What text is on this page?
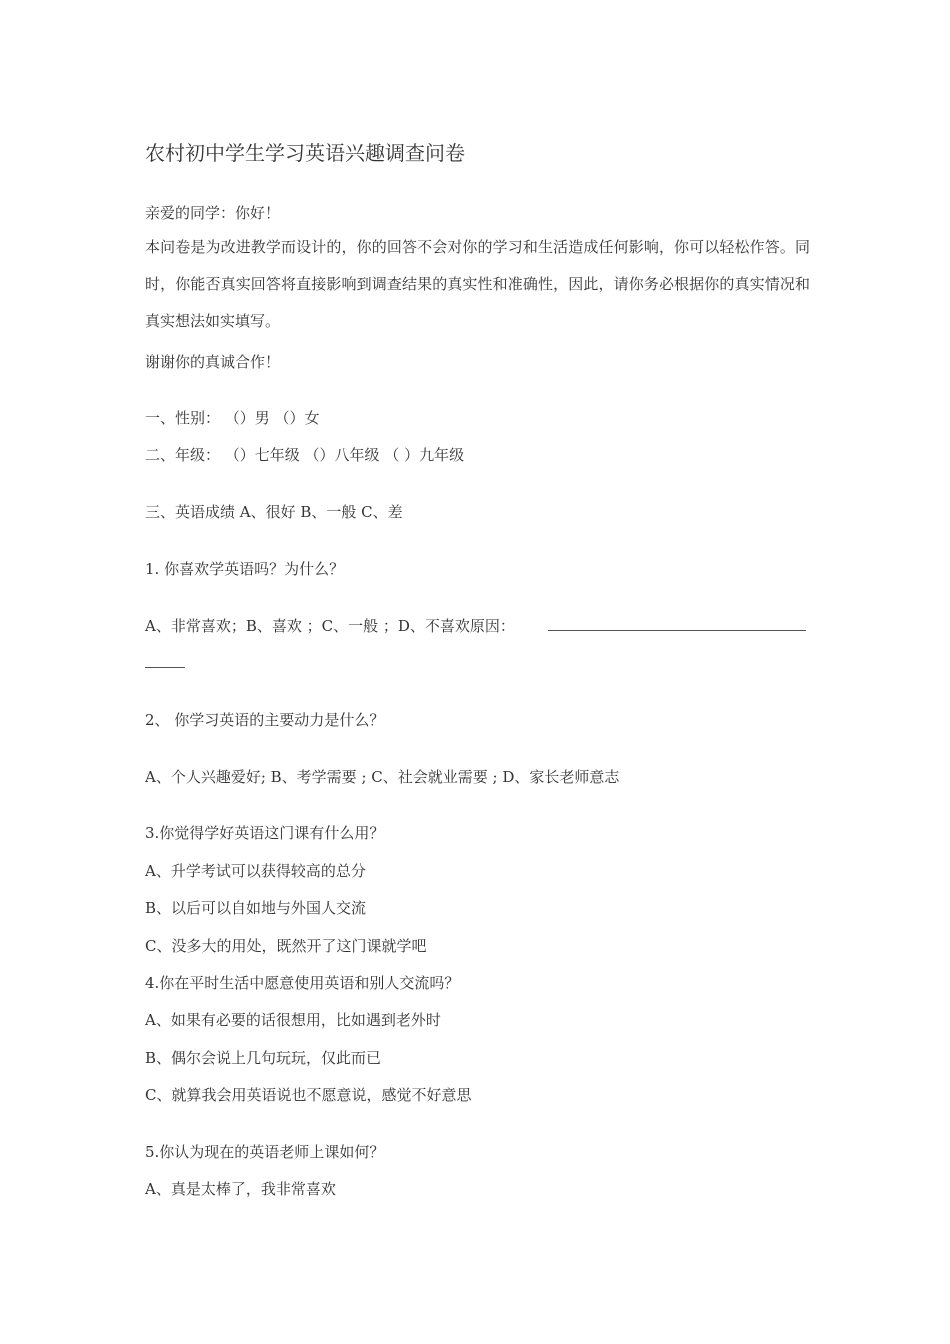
农村初中学生学习英语兴趣调查问卷
亲爱的同学：你好！
本问卷是为改进教学而设计的，你的回答不会对你的学习和生活造成任何影响，你可以轻松作答。同时，你能否真实回答将直接影响到调查结果的真实性和准确性，因此，请你务必根据你的真实情况和真实想法如实填写。
谢谢你的真诚合作！
一、性别： （）男 （）女
二、年级： （）七年级 （）八年级 （ ）九年级
三、英语成绩 A、很好 B、一般 C、差
1. 你喜欢学英语吗？为什么？
A、非常喜欢；B、喜欢 ；C、一般 ；D、不喜欢原因：
2、 你学习英语的主要动力是什么？
A、个人兴趣爱好; B、考学需要 ; C、社会就业需要 ; D、家长老师意志
3.你觉得学好英语这门课有什么用？
A、升学考试可以获得较高的总分
B、以后可以自如地与外国人交流
C、没多大的用处，既然开了这门课就学吧
4.你在平时生活中愿意使用英语和别人交流吗？
A、如果有必要的话很想用，比如遇到老外时
B、偶尔会说上几句玩玩，仅此而已
C、就算我会用英语说也不愿意说，感觉不好意思
5.你认为现在的英语老师上课如何？
A、真是太棒了，我非常喜欢
